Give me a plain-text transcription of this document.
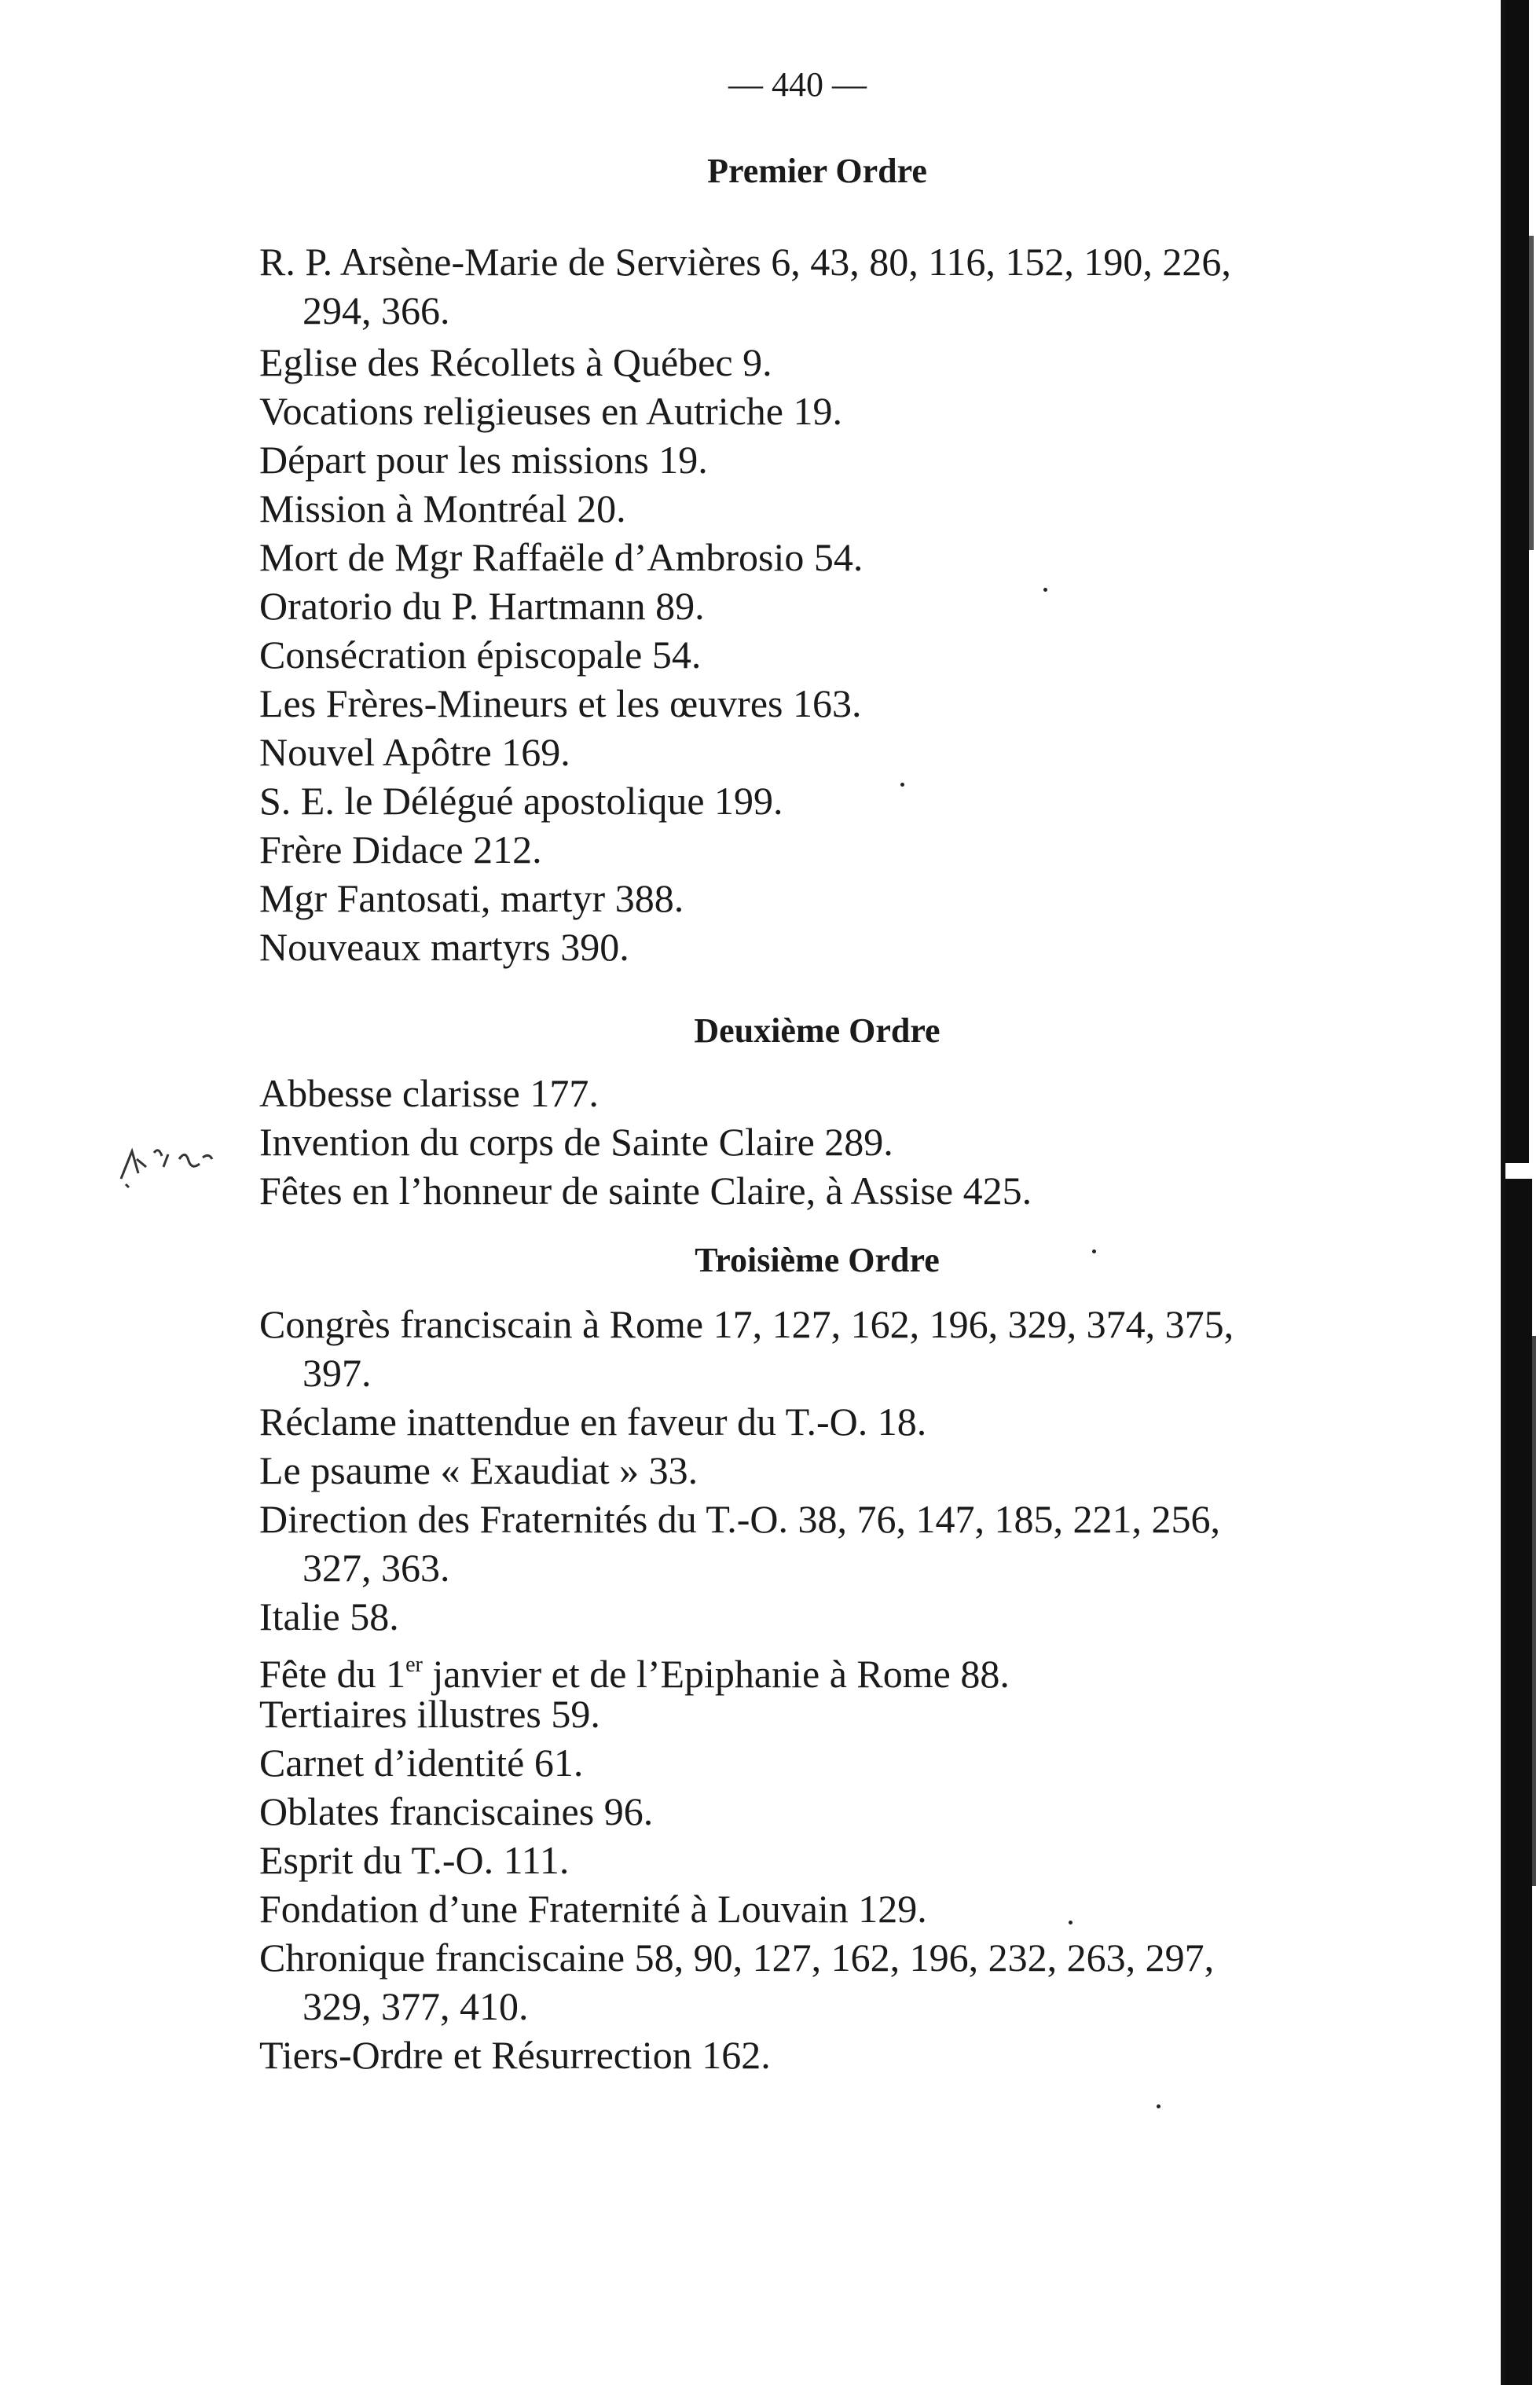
— 440 —
Premier Ordre
R. P. Arsène-Marie de Servières 6, 43, 80, 116, 152, 190, 226,
294, 366.
Eglise des Récollets à Québec 9.
Vocations religieuses en Autriche 19.
Départ pour les missions 19.
Mission à Montréal 20.
Mort de Mgr Raffaële d’Ambrosio 54.
Oratorio du P. Hartmann 89.
Consécration épiscopale 54.
Les Frères-Mineurs et les œuvres 163.
Nouvel Apôtre 169.
S. E. le Délégué apostolique 199.
Frère Didace 212.
Mgr Fantosati, martyr 388.
Nouveaux martyrs 390.
Deuxième Ordre
Abbesse clarisse 177.
Invention du corps de Sainte Claire 289.
Fêtes en l’honneur de sainte Claire, à Assise 425.
Troisième Ordre
Congrès franciscain à Rome 17, 127, 162, 196, 329, 374, 375,
397.
Réclame inattendue en faveur du T.-O. 18.
Le psaume « Exaudiat » 33.
Direction des Fraternités du T.-O. 38, 76, 147, 185, 221, 256,
327, 363.
Italie 58.
Fête du 1er janvier et de l’Epiphanie à Rome 88.
Tertiaires illustres 59.
Carnet d’identité 61.
Oblates franciscaines 96.
Esprit du T.-O. 111.
Fondation d’une Fraternité à Louvain 129.
Chronique franciscaine 58, 90, 127, 162, 196, 232, 263, 297,
329, 377, 410.
Tiers-Ordre et Résurrection 162.
